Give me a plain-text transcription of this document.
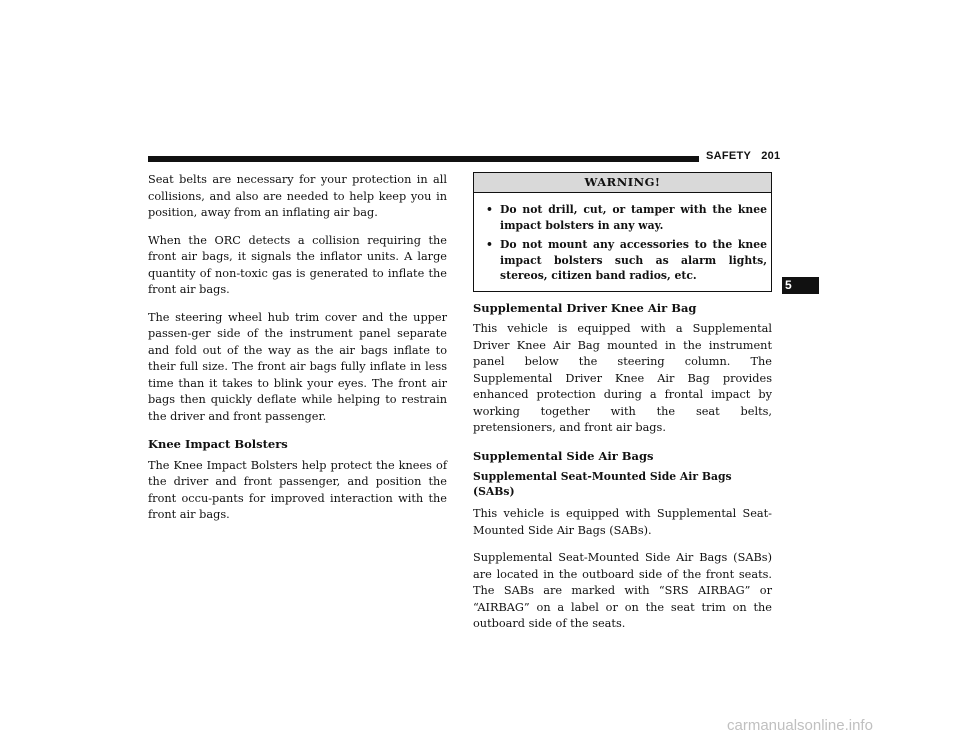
SAFETY 201

Seat belts are necessary for your protection in all collisions, and also are needed to help keep you in position, away from an inflating air bag.

When the ORC detects a collision requiring the front air bags, it signals the inflator units. A large quantity of non-toxic gas is generated to inflate the front air bags.

The steering wheel hub trim cover and the upper passen-ger side of the instrument panel separate and fold out of the way as the air bags inflate to their full size. The front air bags fully inflate in less time than it takes to blink your eyes. The front air bags then quickly deflate while helping to restrain the driver and front passenger.

Knee Impact Bolsters

The Knee Impact Bolsters help protect the knees of the driver and front passenger, and position the front occu-pants for improved interaction with the front air bags.

WARNING!
• Do not drill, cut, or tamper with the knee impact bolsters in any way.
• Do not mount any accessories to the knee impact bolsters such as alarm lights, stereos, citizen band radios, etc.
Supplemental Driver Knee Air Bag

This vehicle is equipped with a Supplemental Driver Knee Air Bag mounted in the instrument panel below the steering column. The Supplemental Driver Knee Air Bag provides enhanced protection during a frontal impact by working together with the seat belts, pretensioners, and front air bags.

Supplemental Side Air Bags
Supplemental Seat-Mounted Side Air Bags (SABs)

This vehicle is equipped with Supplemental Seat-Mounted Side Air Bags (SABs).

Supplemental Seat-Mounted Side Air Bags (SABs) are located in the outboard side of the front seats. The SABs are marked with “SRS AIRBAG” or “AIRBAG” on a label or on the seat trim on the outboard side of the seats.

5
carmanualsonline.info
